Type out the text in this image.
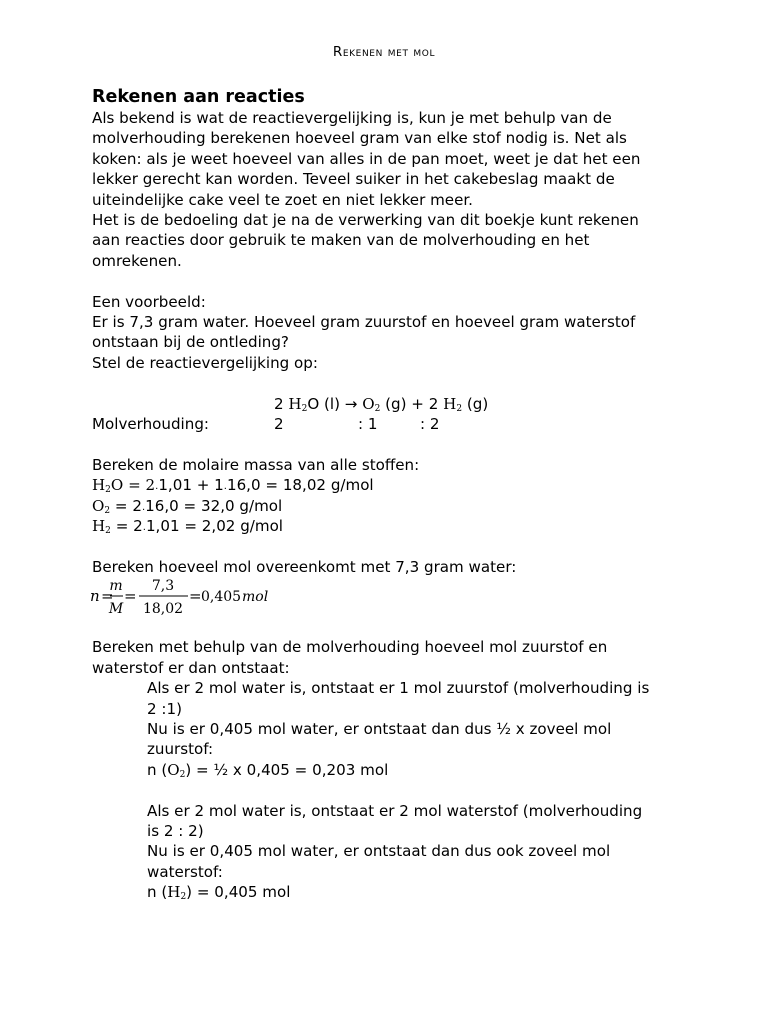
Rekenen met mol
Rekenen aan reacties

Als bekend is wat de reactievergelijking is, kun je met behulp van de

molverhouding berekenen hoeveel gram van elke stof nodig is. Net als

koken: als je weet hoeveel van alles in de pan moet, weet je dat het een

lekker gerecht kan worden. Teveel suiker in het cakebeslag maakt de

uiteindelijke cake veel te zoet en niet lekker meer.

Het is de bedoeling dat je na de verwerking van dit boekje kunt rekenen

aan reacties door gebruik te maken van de molverhouding en het

omrekenen.

Een voorbeeld:

Er is 7,3 gram water. Hoeveel gram zuurstof en hoeveel gram waterstof

ontstaan bij de ontleding?

Stel de reactievergelijking op:

2 $H_2O$ $(l) \to O_2$ (g) + 2 $H_2$ (g)
Molverhouding:	2	: 1	: 2

Bereken de molaire massa van alle stoffen:

$H_2O = 2\cdot 1,01 + 1\cdot 16,0 = 18,02$ g/mol

$O_2 = 2\cdot 16,0 = 32,0$ g/mol

$H_2 = 2\cdot 1,01 = 2,02$ g/mol

Bereken hoeveel mol overeenkomt met 7,3 gram water:

n =
m
M
=
7,3
18,02
= 0,405 mol

Bereken met behulp van de molverhouding hoeveel mol zuurstof en

waterstof er dan ontstaat:

Als er 2 mol water is, ontstaat er 1 mol zuurstof (molverhouding is

2 :1)

Nu is er 0,405 mol water, er ontstaat dan dus ½ x zoveel mol

zuurstof:

n $(O_2)$ = ½ x 0,405 = 0,203 mol

Als er 2 mol water is, ontstaat er 2 mol waterstof (molverhouding

is 2 : 2)

Nu is er 0,405 mol water, er ontstaat dan dus ook zoveel mol

waterstof:

n $(H_2) = 0,405$ mol
